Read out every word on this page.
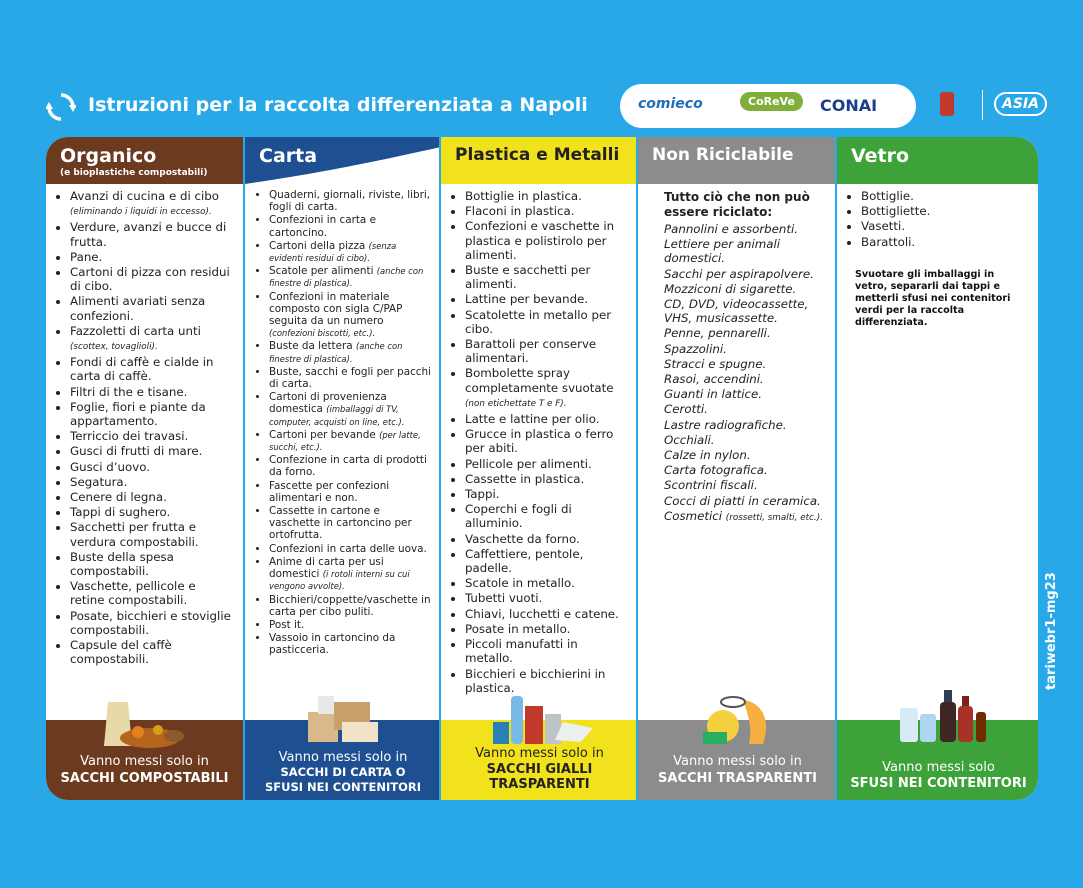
Istruzioni per la raccolta differenziata a Napoli	comieco	CoReVe	CONAI	ASIA
Organico
(e bioplastiche compostabili)
• Avanzi di cucina e di cibo (eliminando i liquidi in eccesso).
• Verdure, avanzi e bucce di frutta.
• Pane.
• Cartoni di pizza con residui di cibo.
• Alimenti avariati senza confezioni.
• Fazzoletti di carta unti (scottex, tovaglioli).
• Fondi di caffè e cialde in carta di caffè.
• Filtri di the e tisane.
• Foglie, fiori e piante da appartamento.
• Terriccio dei travasi.
• Gusci di frutti di mare.
• Gusci d’uovo.
• Segatura.
• Cenere di legna.
• Tappi di sughero.
• Sacchetti per frutta e verdura compostabili.
• Buste della spesa compostabili.
• Vaschette, pellicole e retine compostabili.
• Posate, bicchieri e stoviglie compostabili.
• Capsule del caffè compostabili.
Vanno messi solo in
SACCHI COMPOSTABILI
Carta
• Quaderni, giornali, riviste, libri, fogli di carta.
• Confezioni in carta e cartoncino.
• Cartoni della pizza (senza evidenti residui di cibo).
• Scatole per alimenti (anche con finestre di plastica).
• Confezioni in materiale composto con sigla C/PAP seguita da un numero (confezioni biscotti, etc.).
• Buste da lettera (anche con finestre di plastica).
• Buste, sacchi e fogli per pacchi di carta.
• Cartoni di provenienza domestica (imballaggi di TV, computer, acquisti on line, etc.).
• Cartoni per bevande (per latte, succhi, etc.).
• Confezione in carta di prodotti da forno.
• Fascette per confezioni alimentari e non.
• Cassette in cartone e vaschette in cartoncino per ortofrutta.
• Confezioni in carta delle uova.
• Anime di carta per usi domestici (i rotoli interni su cui vengono avvolte).
• Bicchieri/coppette/vaschette in carta per cibo puliti.
• Post it.
• Vassoio in cartoncino da pasticceria.
Vanno messi solo in
SACCHI DI CARTA O
SFUSI NEI CONTENITORI
Plastica e Metalli
• Bottiglie in plastica.
• Flaconi in plastica.
• Confezioni e vaschette in plastica e polistirolo per alimenti.
• Buste e sacchetti per alimenti.
• Lattine per bevande.
• Scatolette in metallo per cibo.
• Barattoli per conserve alimentari.
• Bombolette spray completamente svuotate (non etichettate T e F).
• Latte e lattine per olio.
• Grucce in plastica o ferro per abiti.
• Pellicole per alimenti.
• Cassette in plastica.
• Tappi.
• Coperchi e fogli di alluminio.
• Vaschette da forno.
• Caffettiere, pentole, padelle.
• Scatole in metallo.
• Tubetti vuoti.
• Chiavi, lucchetti e catene.
• Posate in metallo.
• Piccoli manufatti in metallo.
• Bicchieri e bicchierini in plastica.
Vanno messi solo in
SACCHI GIALLI
TRASPARENTI
Non Riciclabile
Tutto ciò che non può essere riciclato:
Pannolini e assorbenti.
Lettiere per animali domestici.
Sacchi per aspirapolvere.
Mozziconi di sigarette.
CD, DVD, videocassette, VHS, musicassette.
Penne, pennarelli.
Spazzolini.
Stracci e spugne.
Rasoi, accendini.
Guanti in lattice.
Cerotti.
Lastre radiografiche.
Occhiali.
Calze in nylon.
Carta fotografica.
Scontrini fiscali.
Cocci di piatti in ceramica.
Cosmetici (rossetti, smalti, etc.).
Vanno messi solo in
SACCHI TRASPARENTI
Vetro
• Bottiglie.
• Bottigliette.
• Vasetti.
• Barattoli.
Svuotare gli imballaggi in vetro, separarli dai tappi e metterli sfusi nei contenitori verdi per la raccolta differenziata.
Vanno messi solo
SFUSI NEI CONTENITORI
tariwebr1-mg23
